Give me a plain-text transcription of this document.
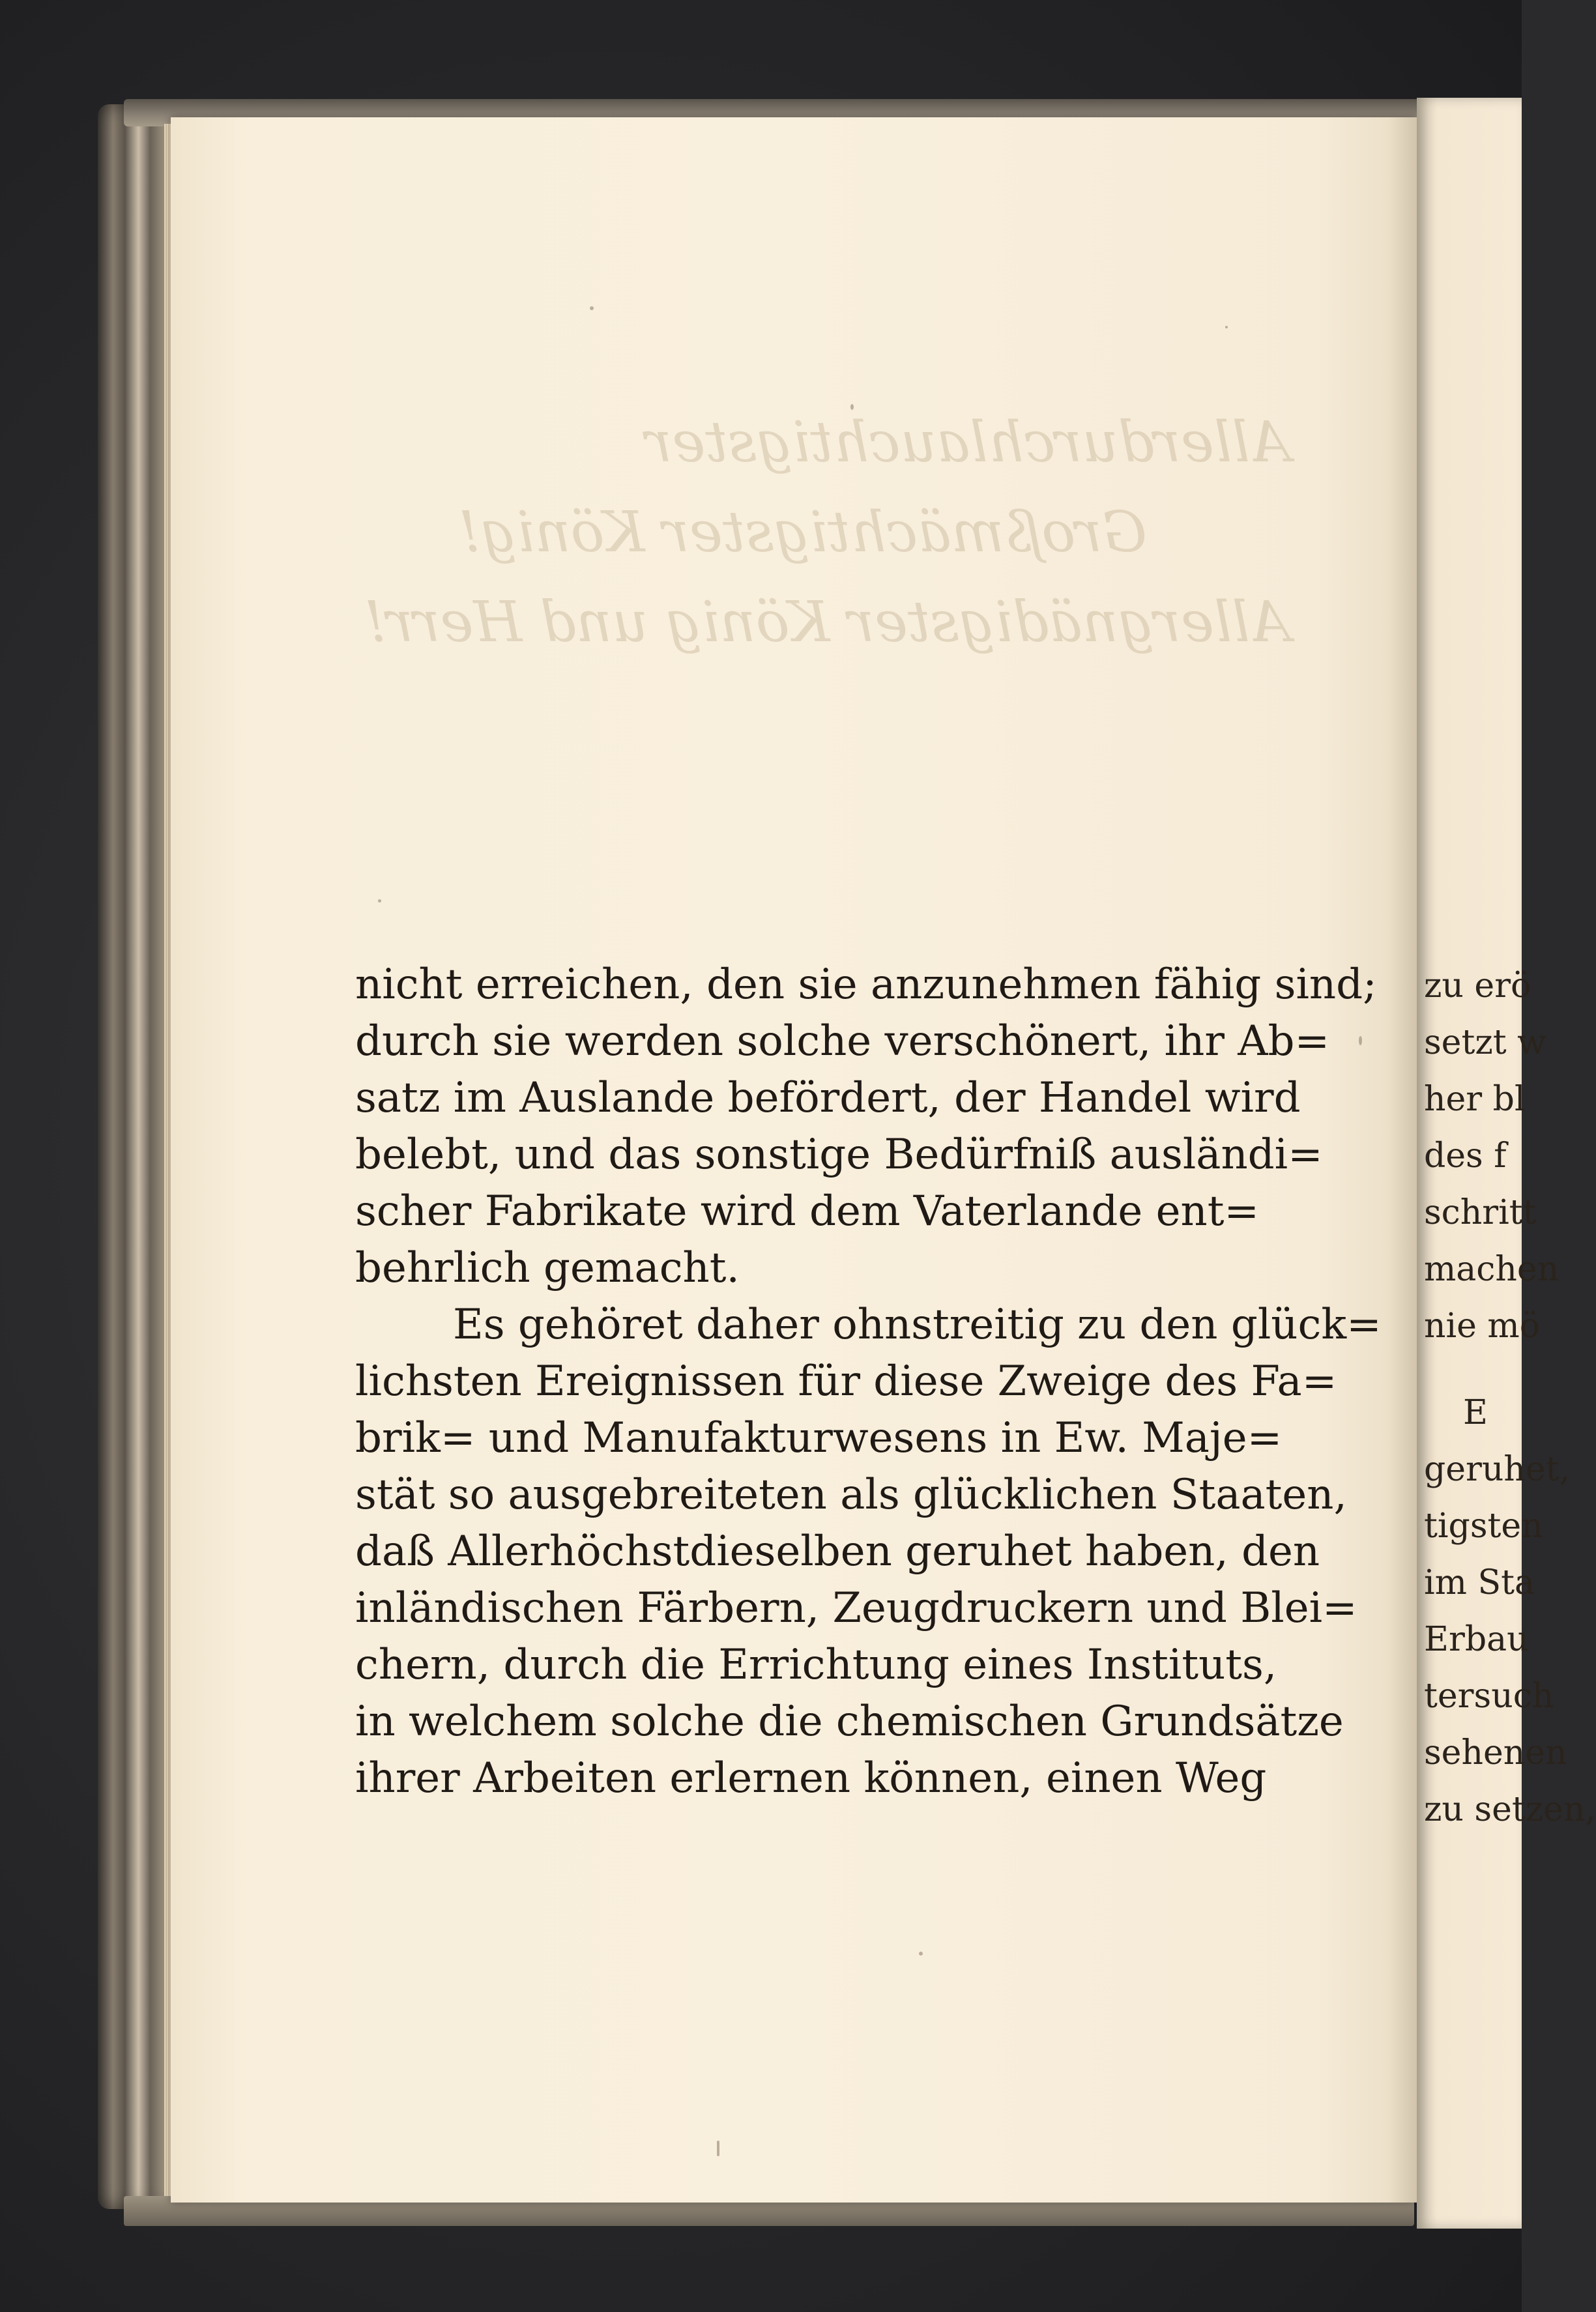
Allerdurchlauchtigster
Großmächtigster König!
Allergnädigster König und Herr!
nicht erreichen, den sie anzunehmen fähig sind;
durch sie werden solche verschönert, ihr Ab=
satz im Auslande befördert, der Handel wird
belebt, und das sonstige Bedürfniß ausländi=
scher Fabrikate wird dem Vaterlande ent=
behrlich gemacht.
Es gehöret daher ohnstreitig zu den glück=
lichsten Ereignissen für diese Zweige des Fa=
brik= und Manufakturwesens in Ew. Maje=
stät so ausgebreiteten als glücklichen Staaten,
daß Allerhöchstdieselben geruhet haben, den
inländischen Färbern, Zeugdruckern und Blei=
chern, durch die Errichtung eines Instituts,
in welchem solche die chemischen Grundsätze
ihrer Arbeiten erlernen können, einen Weg
zu erö
setzt w
her bl
des f
schritt
machen
nie mö
E
geruhet,
tigsten
im Sta
Erbau
tersuch
sehenen
zu setzen,
